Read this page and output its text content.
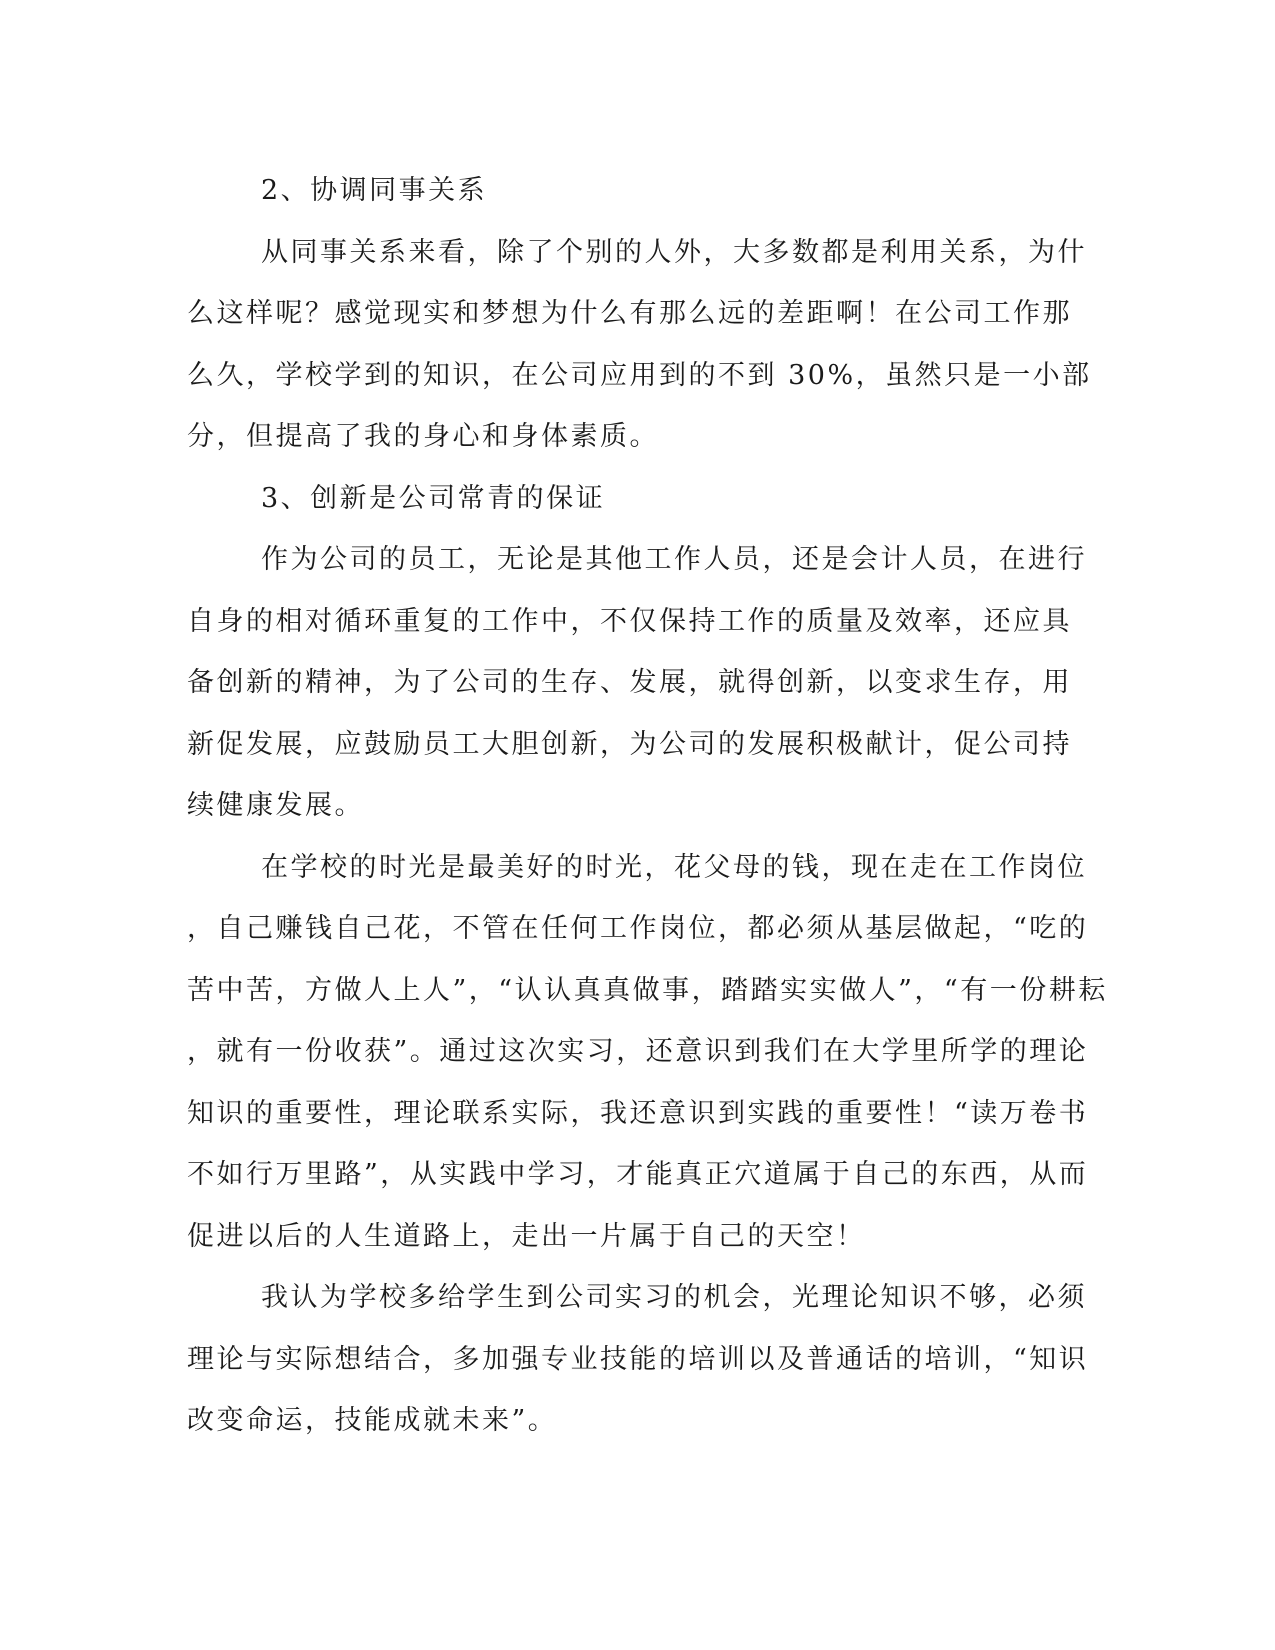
2、协调同事关系
从同事关系来看，除了个别的人外，大多数都是利用关系，为什
么这样呢？感觉现实和梦想为什么有那么远的差距啊！在公司工作那
么久，学校学到的知识，在公司应用到的不到 30%，虽然只是一小部
分，但提高了我的身心和身体素质。
3、创新是公司常青的保证
作为公司的员工，无论是其他工作人员，还是会计人员，在进行
自身的相对循环重复的工作中，不仅保持工作的质量及效率，还应具
备创新的精神，为了公司的生存、发展，就得创新，以变求生存，用
新促发展，应鼓励员工大胆创新，为公司的发展积极献计，促公司持
续健康发展。
在学校的时光是最美好的时光，花父母的钱，现在走在工作岗位
，自己赚钱自己花，不管在任何工作岗位，都必须从基层做起，“吃的
苦中苦，方做人上人”，“认认真真做事，踏踏实实做人”，“有一份耕耘
，就有一份收获”。通过这次实习，还意识到我们在大学里所学的理论
知识的重要性，理论联系实际，我还意识到实践的重要性！“读万卷书
不如行万里路”，从实践中学习，才能真正穴道属于自己的东西，从而
促进以后的人生道路上，走出一片属于自己的天空！
我认为学校多给学生到公司实习的机会，光理论知识不够，必须
理论与实际想结合，多加强专业技能的培训以及普通话的培训，“知识
改变命运，技能成就未来”。
